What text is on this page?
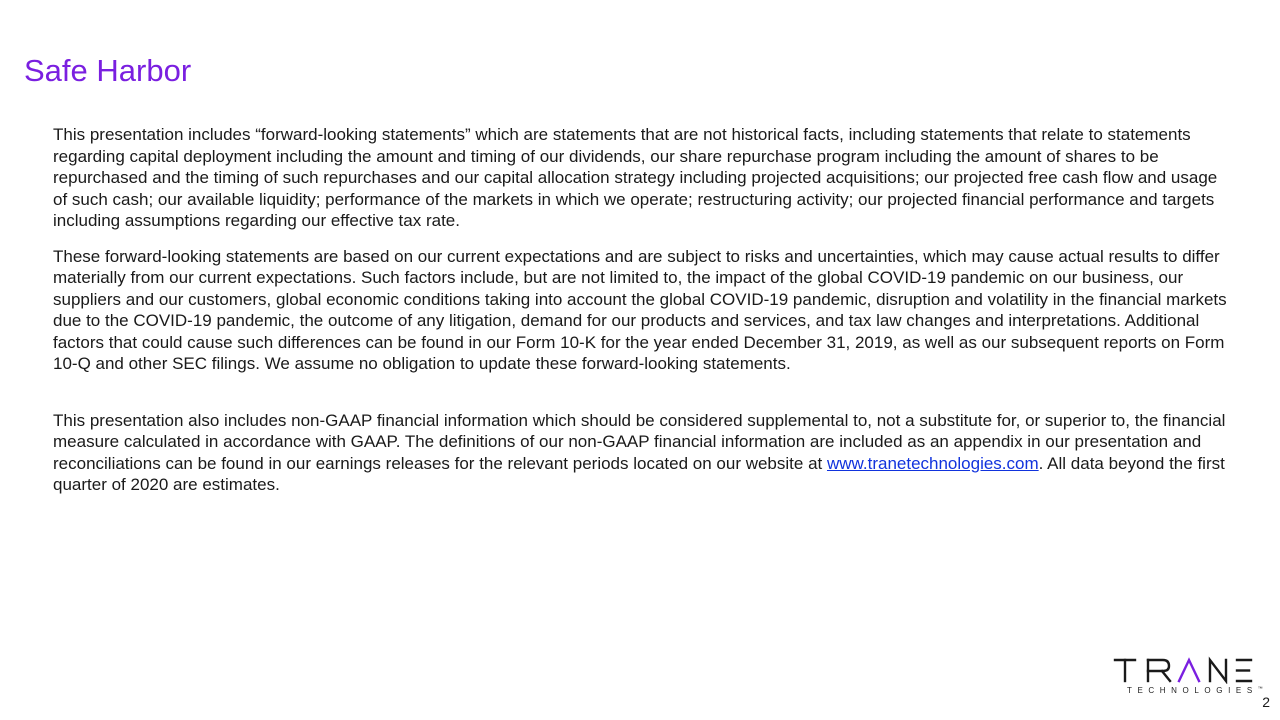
Safe Harbor

This presentation includes “forward-looking statements” which are statements that are not historical facts, including statements that relate to statements regarding capital deployment including the amount and timing of our dividends, our share repurchase program including the amount of shares to be repurchased and the timing of such repurchases and our capital allocation strategy including projected acquisitions; our projected free cash flow and usage of such cash; our available liquidity; performance of the markets in which we operate; restructuring activity; our projected financial performance and targets including assumptions regarding our effective tax rate.

These forward-looking statements are based on our current expectations and are subject to risks and uncertainties, which may cause actual results to differ materially from our current expectations. Such factors include, but are not limited to, the impact of the global COVID-19 pandemic on our business, our suppliers and our customers, global economic conditions taking into account the global COVID-19 pandemic, disruption and volatility in the financial markets due to the COVID-19 pandemic, the outcome of any litigation, demand for our products and services, and tax law changes and interpretations. Additional factors that could cause such differences can be found in our Form 10-K for the year ended December 31, 2019, as well as our subsequent reports on Form 10-Q and other SEC filings. We assume no obligation to update these forward-looking statements.

This presentation also includes non-GAAP financial information which should be considered supplemental to, not a substitute for, or superior to, the financial measure calculated in accordance with GAAP. The definitions of our non-GAAP financial information are included as an appendix in our presentation and reconciliations can be found in our earnings releases for the relevant periods located on our website at www.tranetechnologies.com. All data beyond the first quarter of 2020 are estimates.

TECHNOLOGIES™
2
